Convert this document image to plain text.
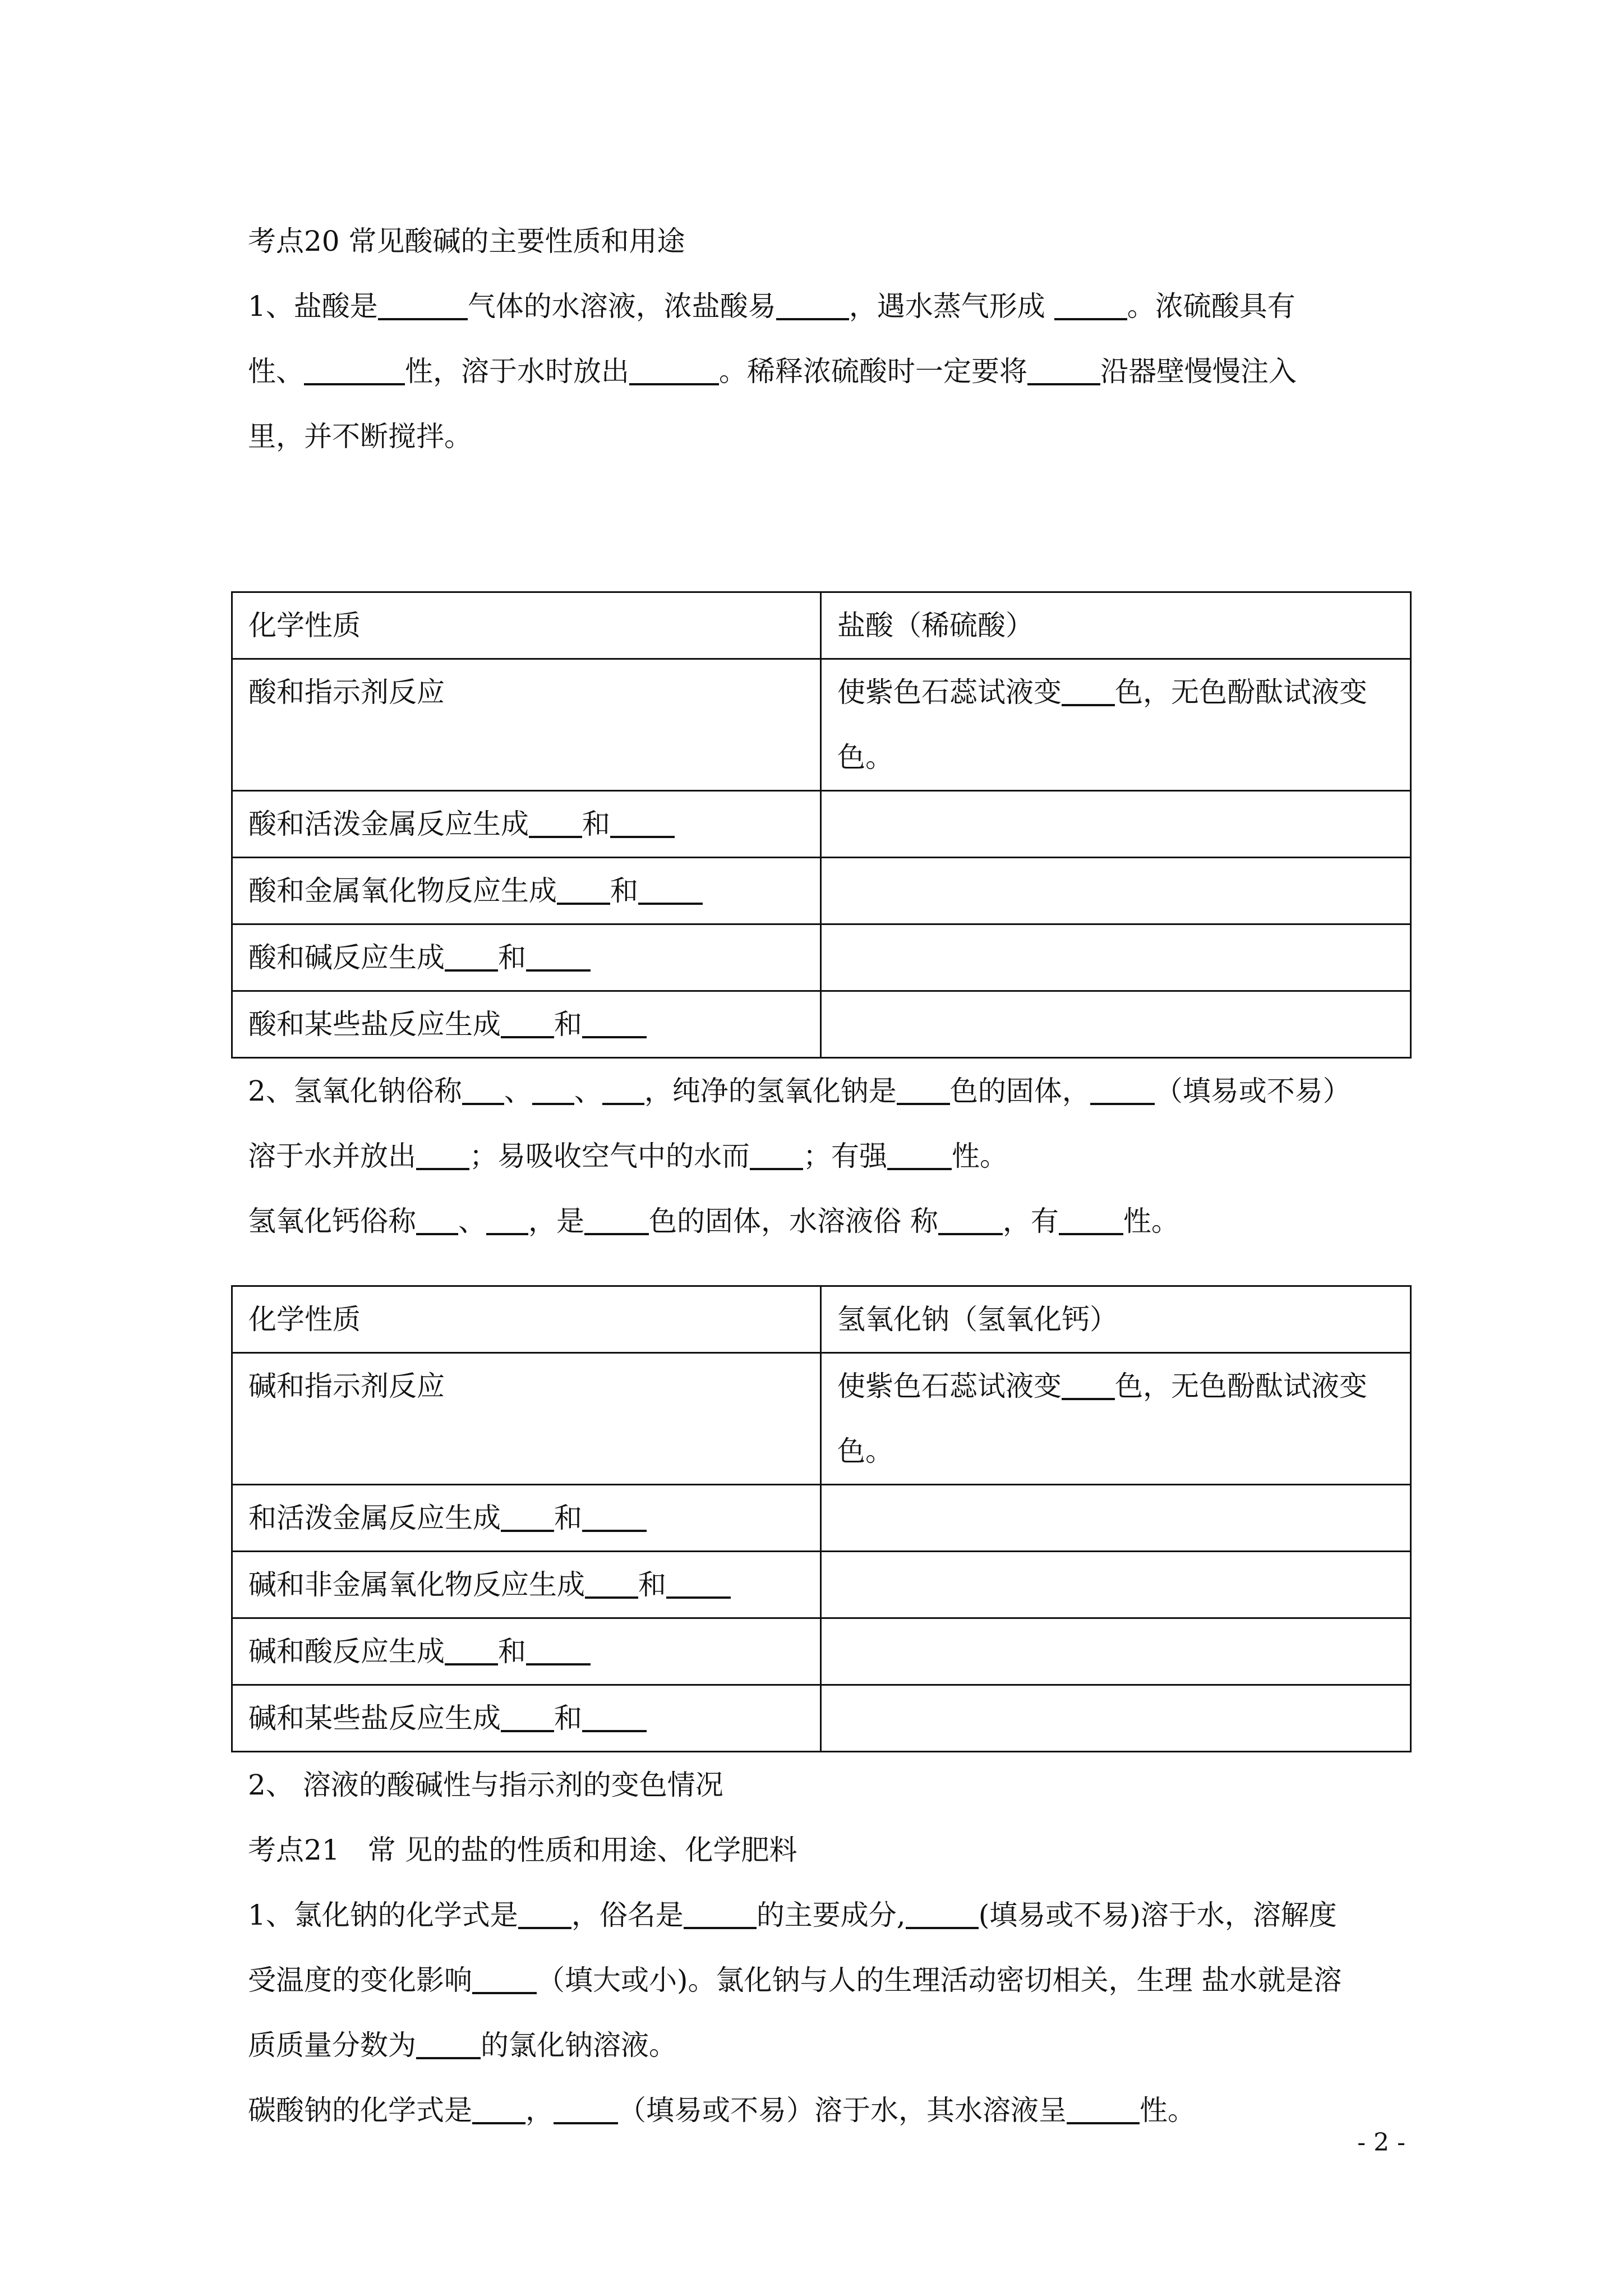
考点20 常见酸碱的主要性质和用途

1、盐酸是	气体的水溶液，浓盐酸易	，遇水蒸气形成	。浓硫酸具有

性、	性，溶于水时放出	。稀释浓硫酸时一定要将	沿器壁慢慢注入

里，并不断搅拌。

化学性质	盐酸（稀硫酸）
酸和指示剂反应	使紫色石蕊试液变 色，无色酚酞试液变
色。
酸和活泼金属反应生成 和	
酸和金属氧化物反应生成 和	
酸和碱反应生成 和	
酸和某些盐反应生成 和	

2、氢氧化钠俗称 、 、 ，纯净的氢氧化钠是 色的固体， （填易或不易）

溶于水并放出 ；易吸收空气中的水而 ；有强 性。

氢氧化钙俗称 、 ，是 色的固体，水溶液俗 称 ，有 性。

化学性质	氢氧化钠（氢氧化钙）
碱和指示剂反应	使紫色石蕊试液变 色，无色酚酞试液变
色。
和活泼金属反应生成 和	
碱和非金属氧化物反应生成 和	
碱和酸反应生成 和	
碱和某些盐反应生成 和	

2、 溶液的酸碱性与指示剂的变色情况

考点21　常 见的盐的性质和用途、化学肥料

1、氯化钠的化学式是 ，俗名是	的主要成分,	(填易或不易)溶于水，溶解度

受温度的变化影响 （填大或小)。氯化钠与人的生理活动密切相关，生理 盐水就是溶

质质量分数为 的氯化钠溶液。

碳酸钠的化学式是 ， （填易或不易）溶于水，其水溶液呈	性。

- 2 -
